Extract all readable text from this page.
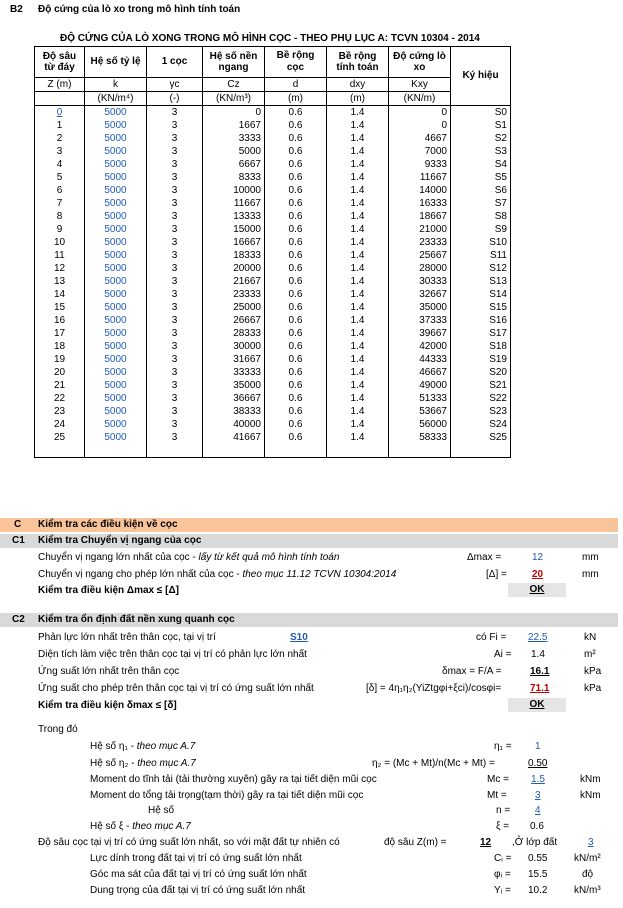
B2 Độ cứng của lò xo trong mô hình tính toán
ĐỘ CỨNG CỦA LÒ XONG TRONG MÔ HÌNH CỌC - THEO PHỤ LỤC A: TCVN 10304 - 2014
Độ sâu từ đáy	Hệ số tỷ lệ	1 cọc	Hệ số nền ngang	Bề rộng cọc	Bề rộng tính toán	Độ cứng lò xo	Ký hiệu
Z (m)	k	γc	Cz	d	dxy	Kxy	
	(KN/m⁴)	(-)	(KN/m³)	(m)	(m)	(KN/m)	
0	5000	3	0	0.6	1.4	0	S0
1	5000	3	1667	0.6	1.4	0	S1
2	5000	3	3333	0.6	1.4	4667	S2
3	5000	3	5000	0.6	1.4	7000	S3
4	5000	3	6667	0.6	1.4	9333	S4
5	5000	3	8333	0.6	1.4	11667	S5
6	5000	3	10000	0.6	1.4	14000	S6
7	5000	3	11667	0.6	1.4	16333	S7
8	5000	3	13333	0.6	1.4	18667	S8
9	5000	3	15000	0.6	1.4	21000	S9
10	5000	3	16667	0.6	1.4	23333	S10
11	5000	3	18333	0.6	1.4	25667	S11
12	5000	3	20000	0.6	1.4	28000	S12
13	5000	3	21667	0.6	1.4	30333	S13
14	5000	3	23333	0.6	1.4	32667	S14
15	5000	3	25000	0.6	1.4	35000	S15
16	5000	3	26667	0.6	1.4	37333	S16
17	5000	3	28333	0.6	1.4	39667	S17
18	5000	3	30000	0.6	1.4	42000	S18
19	5000	3	31667	0.6	1.4	44333	S19
20	5000	3	33333	0.6	1.4	46667	S20
21	5000	3	35000	0.6	1.4	49000	S21
22	5000	3	36667	0.6	1.4	51333	S22
23	5000	3	38333	0.6	1.4	53667	S23
24	5000	3	40000	0.6	1.4	56000	S24
25	5000	3	41667	0.6	1.4	58333	S25

C Kiểm tra các điều kiện về cọc
C1 Kiểm tra Chuyển vị ngang của cọc
Chuyển vị ngang lớn nhất của cọc - lấy từ kết quả mô hình tính toán	Δmax =	12	mm
Chuyển vị ngang cho phép lớn nhất của cọc - theo mục 11.12 TCVN 10304:2014	[Δ] =	20	mm
Kiểm tra điều kiện Δmax ≤ [Δ]	OK
C2 Kiểm tra ổn định đất nền xung quanh cọc
Phản lực lớn nhất trên thân cọc, tại vị trí	S10	có Fi = 22.5	kN
Diện tích làm việc trên thân cọc tại vị trí có phản lực lớn nhất	Ai = 1.4	m²
Ứng suất lớn nhất trên thân cọc	δmax = F/A =	16.1	kPa
Ứng suất cho phép trên thân cọc tại vị trí có ứng suất lớn nhất	[δ] = 4η₁η₂(YiZtgφi+ξci)/cosφi=	71.1	kPa
Kiểm tra điều kiện δmax ≤ [δ]	OK
Trong đó
Hệ số η₁ - theo mục A.7	η₁ = 1
Hệ số η₂ - theo mục A.7	η₂ = (Mc + Mt)/n(Mc + Mt) =	0.50
Moment do tĩnh tải (tải thường xuyên) gây ra tại tiết diện mũi cọc	Mc = 1.5	kNm
Moment do tổng tải trọng(tạm thời) gây ra tại tiết diện mũi cọc	Mt =	3	kNm
Hệ số	n = 4
Hệ số ξ - theo mục A.7	ξ = 0.6
Độ sâu cọc tại vị trí có ứng suất lớn nhất, so với mặt đất tự nhiên có	độ sâu Z(m) =	12 ,Ở lớp đất	3
Lực dính trong đất tại vị trí có ứng suất lớn nhất	Cᵢ = 0.55	kN/m²
Góc ma sát của đất tại vị trí có ứng suất lớn nhất	φᵢ = 15.5	độ
Dung trọng của đất tại vị trí có ứng suất lớn nhất	Yᵢ = 10.2	kN/m³
